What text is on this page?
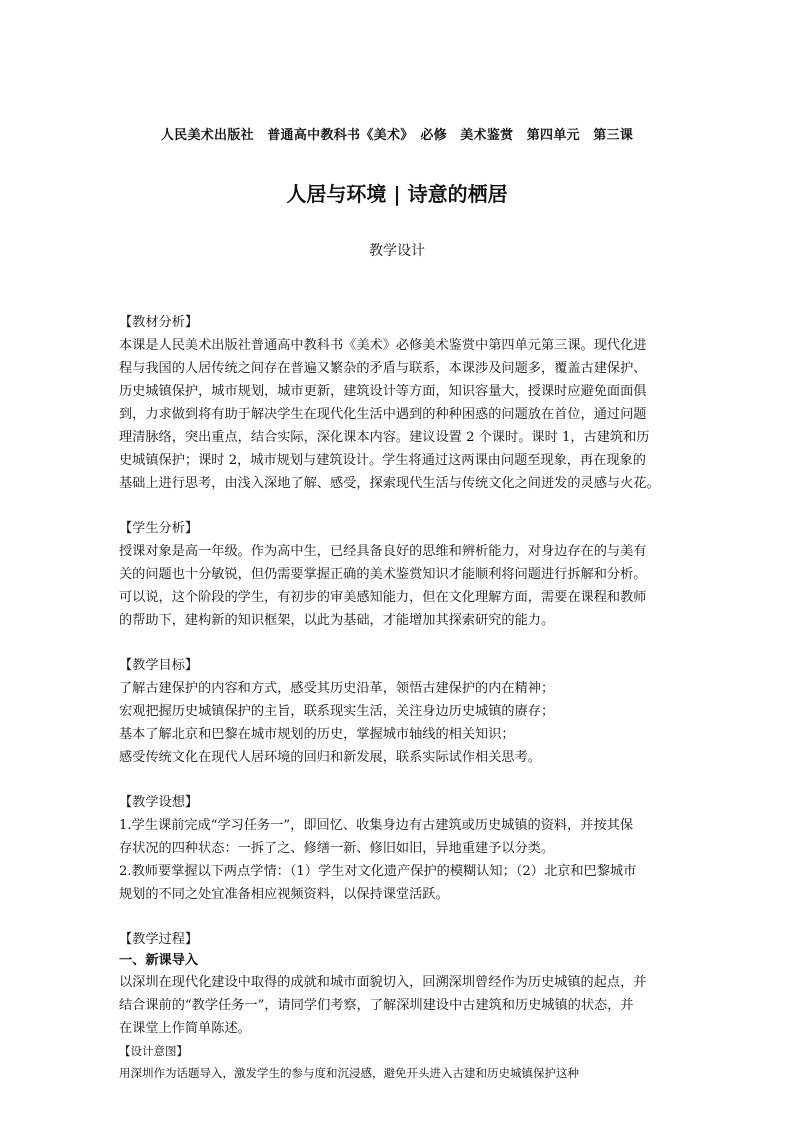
人民美术出版社　普通高中教科书《美术》　必修　美术鉴赏　第四单元　第三课
人居与环境 | 诗意的栖居
教学设计

【教材分析】

本课是人民美术出版社普通高中教科书《美术》必修美术鉴赏中第四单元第三课。现代化进

程与我国的人居传统之间存在普遍又繁杂的矛盾与联系，本课涉及问题多，覆盖古建保护、

历史城镇保护，城市规划，城市更新，建筑设计等方面，知识容量大，授课时应避免面面俱

到，力求做到将有助于解决学生在现代化生活中遇到的种种困惑的问题放在首位，通过问题

理清脉络，突出重点，结合实际，深化课本内容。建议设置 2 个课时。课时 1，古建筑和历

史城镇保护；课时 2，城市规划与建筑设计。学生将通过这两课由问题至现象，再在现象的

基础上进行思考，由浅入深地了解、感受，探索现代生活与传统文化之间迸发的灵感与火花。

【学生分析】

授课对象是高一年级。作为高中生，已经具备良好的思维和辨析能力，对身边存在的与美有

关的问题也十分敏锐，但仍需要掌握正确的美术鉴赏知识才能顺利将问题进行拆解和分析。

可以说，这个阶段的学生，有初步的审美感知能力，但在文化理解方面，需要在课程和教师

的帮助下，建构新的知识框架，以此为基础，才能增加其探索研究的能力。

【教学目标】

了解古建保护的内容和方式，感受其历史沿革，领悟古建保护的内在精神；

宏观把握历史城镇保护的主旨，联系现实生活，关注身边历史城镇的赓存；

基本了解北京和巴黎在城市规划的历史，掌握城市轴线的相关知识；

感受传统文化在现代人居环境的回归和新发展，联系实际试作相关思考。

【教学设想】

1.学生课前完成“学习任务一”，即回忆、收集身边有古建筑或历史城镇的资料，并按其保

存状况的四种状态：一拆了之、修缮一新、修旧如旧，异地重建予以分类。

2.教师要掌握以下两点学情：（1）学生对文化遗产保护的模糊认知；（2）北京和巴黎城市

规划的不同之处宜准备相应视频资料，以保持课堂活跃。

【教学过程】

一、新课导入

以深圳在现代化建设中取得的成就和城市面貌切入，回溯深圳曾经作为历史城镇的起点，并

结合课前的“教学任务一”，请同学们考察，了解深圳建设中古建筑和历史城镇的状态，并

在课堂上作简单陈述。

【设计意图】

用深圳作为话题导入，激发学生的参与度和沉浸感，避免开头进入古建和历史城镇保护这种
